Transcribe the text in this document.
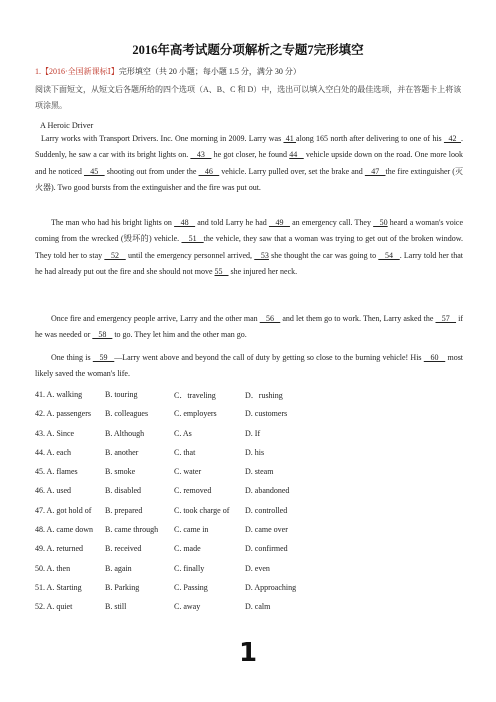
2016年高考试题分项解析之专题7完形填空
1.【2016·全国新课标Ⅰ】完形填空（共 20 小题；每小题 1.5 分，满分 30 分）
阅读下面短文，从短文后各题所给的四个选项（A、B、C 和 D）中，选出可以填入空白处的最佳选项，并在答题卡上将该项涂黑。
A Heroic Driver

Larry works with Transport Drivers. Inc. One morning in 2009. Larry was  41 along 165 north after delivering to one of his   42  . Suddenly, he saw a car with its bright lights on.    43    he got closer, he found 44    vehicle upside down on the road. One more look and he noticed    45    shooting out from under the    46    vehicle. Larry pulled over, set the brake and    47   the fire extinguisher (灭火器). Two good bursts from the extinguisher and the fire was put out.

The man who had his bright lights on    48    and told Larry he had    49    an emergency call. They    50 heard a woman's voice coming from the wrecked (毁坏的) vehicle.    51   the vehicle, they saw that a woman was trying to get out of the broken window. They told her to stay    52    until the emergency personnel arrived,    53 she thought the car was going to    54   . Larry told her that he had already put out the fire and she should not move 55    she injured her neck.

Once fire and emergency people arrive, Larry and the other man    56    and let them go to work. Then, Larry asked the    57    if he was needed or    58    to go. They let him and the other man go.

One thing is    59   —Larry went above and beyond the call of duty by getting so close to the burning vehicle! His    60    most likely saved the woman's life.

41. A. walking	B. touring	C．traveling	D．rushing
42. A. passengers B. colleagues	C. employers	D. customers
43. A. Since	B. Although	C. As	D. If
44. A. each	B. another	C. that	D. his
45. A. flames	B. smoke	C. water	D. steam
46. A. used	B. disabled	C. removed	D. abandoned
47. A. got hold of B. prepared	C. took charge of D. controlled
48. A. came down B. came through C. came in	D. came over
49. A. returned	B. received	C. made	D. confirmed
50. A. then	B. again	C. finally	D. even
51. A. Starting	B. Parking	C. Passing	D. Approaching
52. A. quiet	B. still	C. away	D. calm
1
